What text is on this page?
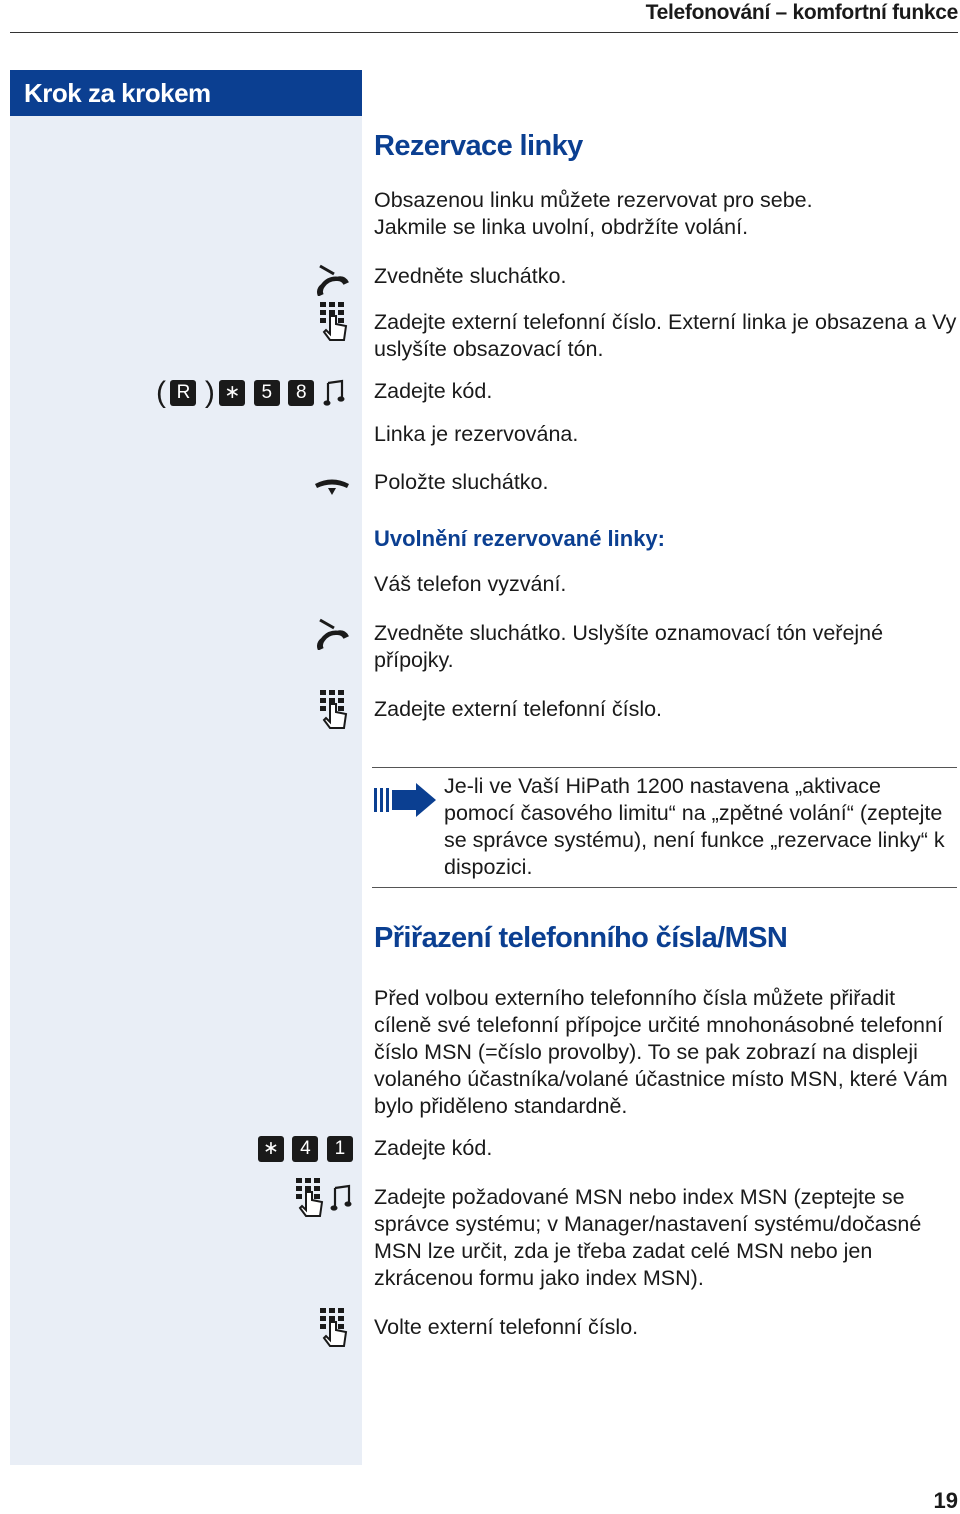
Telefonování – komfortní funkce
Krok za krokem
Rezervace linky
Obsazenou linku můžete rezervovat pro sebe. Jakmile se linka uvolní, obdržíte volání.
Zvedněte sluchátko.
Zadejte externí telefonní číslo. Externí linka je obsazena a Vy uslyšíte obsazovací tón.
( R ) ∗ 5 8	Zadejte kód.
Linka je rezervována.
Položte sluchátko.
Uvolnění rezervované linky:
Váš telefon vyzvání.
Zvedněte sluchátko. Uslyšíte oznamovací tón veřejné přípojky.
Zadejte externí telefonní číslo.
Je-li ve Vaší HiPath 1200 nastavena „aktivace pomocí časového limitu“ na „zpětné volání“ (zeptejte se správce systému), není funkce „rezervace linky“ k dispozici.
Přiřazení telefonního čísla/MSN
Před volbou externího telefonního čísla můžete přiřadit cíleně své telefonní přípojce určité mnohonásobné telefonní číslo MSN (=číslo provolby). To se pak zobrazí na displeji volaného účastníka/volané účastnice místo MSN, které Vám bylo přiděleno standardně.
∗ 4 1	Zadejte kód.
Zadejte požadované MSN nebo index MSN (zeptejte se správce systému; v Manager/nastavení systému/dočasné MSN lze určit, zda je třeba zadat celé MSN nebo jen zkrácenou formu jako index MSN).
Volte externí telefonní číslo.
19
